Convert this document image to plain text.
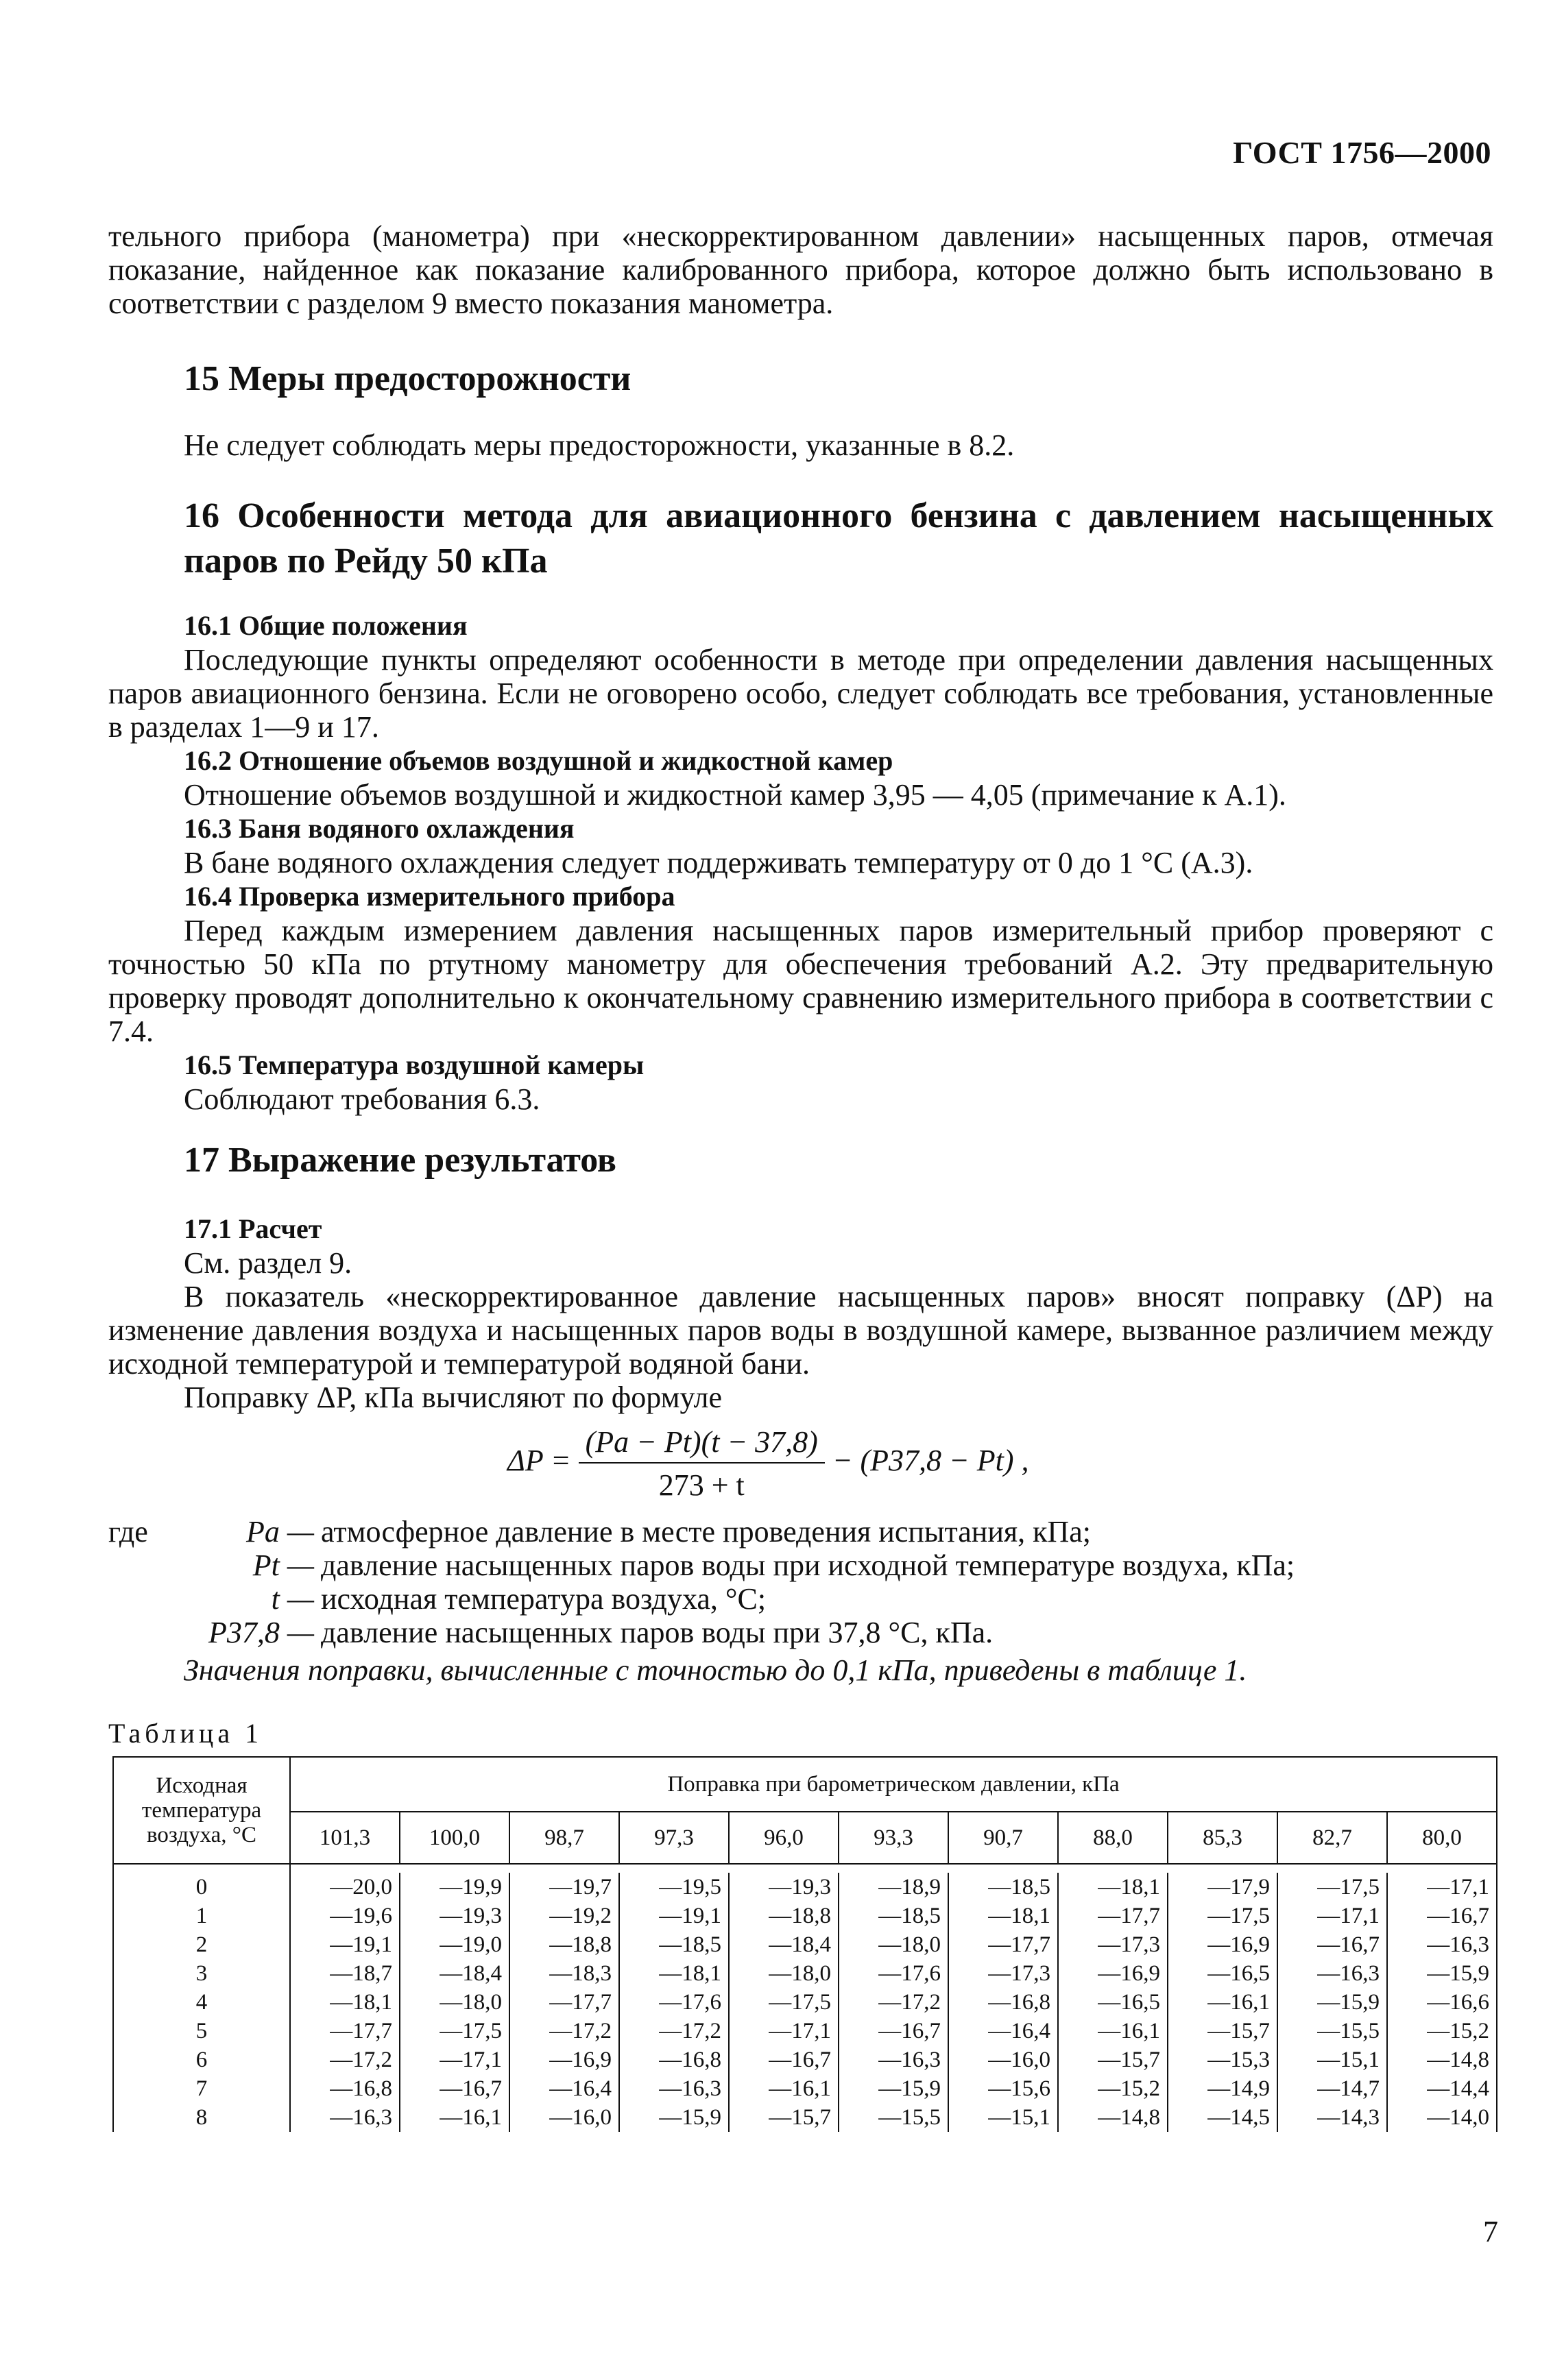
ГОСТ 1756—2000
тельного прибора (манометра) при «нескорректированном давлении» насыщенных паров, отмечая показание, найденное как показание калиброванного прибора, которое должно быть использовано в соответствии с разделом 9 вместо показания манометра.
15 Меры предосторожности
Не следует соблюдать меры предосторожности, указанные в 8.2.
16 Особенности метода для авиационного бензина с давлением насыщенных
паров по Рейду 50 кПа
16.1 Общие положения
Последующие пункты определяют особенности в методе при определении давления насыщенных паров авиационного бензина. Если не оговорено особо, следует соблюдать все требования, установленные в разделах 1—9 и 17.
16.2 Отношение объемов воздушной и жидкостной камер
Отношение объемов воздушной и жидкостной камер 3,95 — 4,05 (примечание к А.1).
16.3 Баня водяного охлаждения
В бане водяного охлаждения следует поддерживать температуру от 0 до 1 °С (А.3).
16.4 Проверка измерительного прибора
Перед каждым измерением давления насыщенных паров измерительный прибор проверяют с точностью 50 кПа по ртутному манометру для обеспечения требований А.2. Эту предварительную проверку проводят дополнительно к окончательному сравнению измерительного прибора в соответствии с 7.4.
16.5 Температура воздушной камеры
Соблюдают требования 6.3.
17 Выражение результатов
17.1 Расчет
См. раздел 9.
В показатель «нескорректированное давление насыщенных паров» вносят поправку (ΔP) на изменение давления воздуха и насыщенных паров воды в воздушной камере, вызванное различием между исходной температурой и температурой водяной бани.
Поправку ΔP, кПа вычисляют по формуле
$\Delta P = \frac{(Pa - Pt)(t - 37,8)}{273 + t} - (P37,8 - Pt)$ ,
где Pa —	атмосферное давление в месте проведения испытания, кПа;
Pt —	давление насыщенных паров воды при исходной температуре воздуха, кПа;
t —	исходная температура воздуха, °С;
P37,8 —	давление насыщенных паров воды при 37,8 °С, кПа.
Значения поправки, вычисленные с точностью до 0,1 кПа, приведены в таблице 1.
Таблица 1
Исходная
температура
воздуха, °С	Поправка при барометрическом давлении, кПа										
	101,3	100,0	98,7	97,3	96,0	93,3	90,7	88,0	85,3	82,7	80,0

0	—20,0	—19,9	—19,7	—19,5	—19,3	—18,9	—18,5	—18,1	—17,9	—17,5	—17,1
1	—19,6	—19,3	—19,2	—19,1	—18,8	—18,5	—18,1	—17,7	—17,5	—17,1	—16,7
2	—19,1	—19,0	—18,8	—18,5	—18,4	—18,0	—17,7	—17,3	—16,9	—16,7	—16,3
3	—18,7	—18,4	—18,3	—18,1	—18,0	—17,6	—17,3	—16,9	—16,5	—16,3	—15,9
4	—18,1	—18,0	—17,7	—17,6	—17,5	—17,2	—16,8	—16,5	—16,1	—15,9	—16,6
5	—17,7	—17,5	—17,2	—17,2	—17,1	—16,7	—16,4	—16,1	—15,7	—15,5	—15,2
6	—17,2	—17,1	—16,9	—16,8	—16,7	—16,3	—16,0	—15,7	—15,3	—15,1	—14,8
7	—16,8	—16,7	—16,4	—16,3	—16,1	—15,9	—15,6	—15,2	—14,9	—14,7	—14,4
8	—16,3	—16,1	—16,0	—15,9	—15,7	—15,5	—15,1	—14,8	—14,5	—14,3	—14,0
7
